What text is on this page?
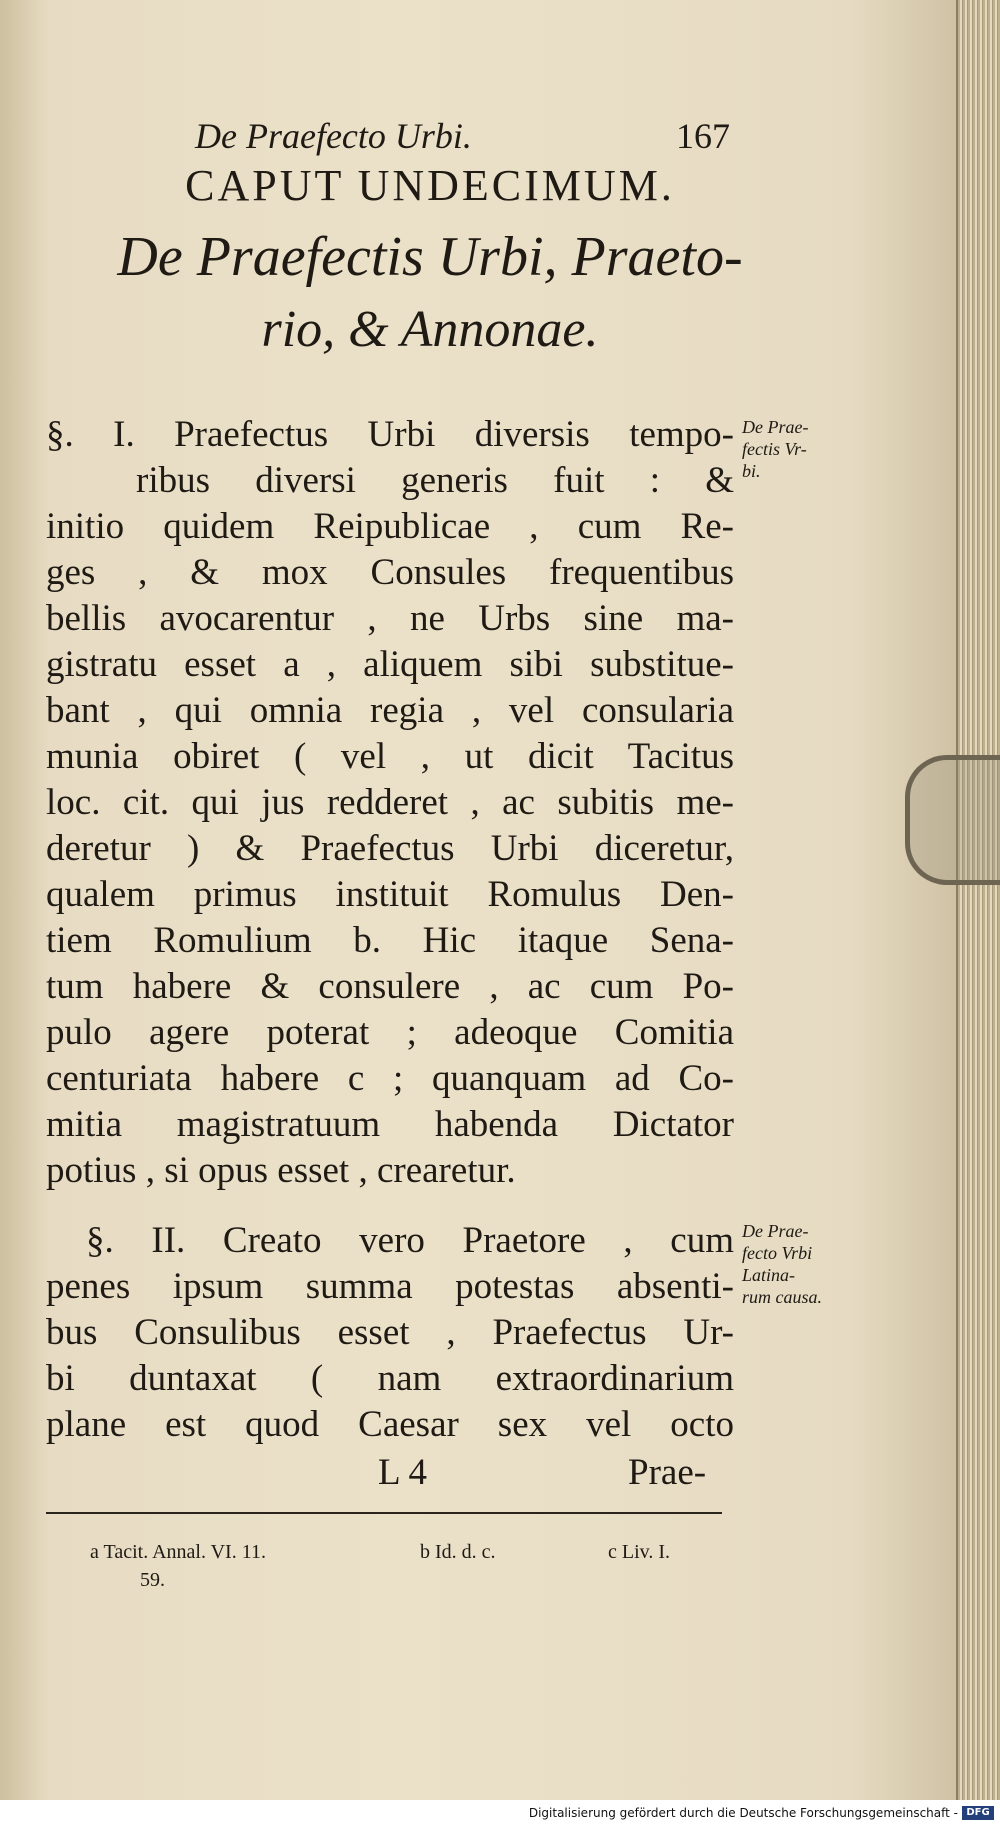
De Praefecto Urbi.	167
CAPUT UNDECIMUM.
De Praefectis Urbi, Praeto-
rio, & Annonae.
§. I. Praefectus Urbi diversis tempo-
ribus diversi generis fuit : &
initio quidem Reipublicae , cum Re-
ges , & mox Consules frequentibus
bellis avocarentur , ne Urbs sine ma-
gistratu esset a , aliquem sibi substitue-
bant , qui omnia regia , vel consularia
munia obiret ( vel , ut dicit Tacitus
loc. cit. qui jus redderet , ac subitis me-
deretur ) & Praefectus Urbi diceretur,
qualem primus instituit Romulus Den-
tiem Romulium b. Hic itaque Sena-
tum habere & consulere , ac cum Po-
pulo agere poterat ; adeoque Comitia
centuriata habere c ; quanquam ad Co-
mitia magistratuum habenda Dictator
potius , si opus esset , crearetur.
§. II. Creato vero Praetore , cum
penes ipsum summa potestas absenti-
bus Consulibus esset , Praefectus Ur-
bi duntaxat ( nam extraordinarium
plane est quod Caesar sex vel octo
L 4	Prae-
De Prae-
fectis Vr-
bi.
De Prae-
fecto Vrbi
Latina-
rum causa.
a Tacit. Annal. VI. 11.
59.
b Id. d. c.	c Liv. I.
Digitalisierung gefördert durch die Deutsche Forschungsgemeinschaft - DFG
